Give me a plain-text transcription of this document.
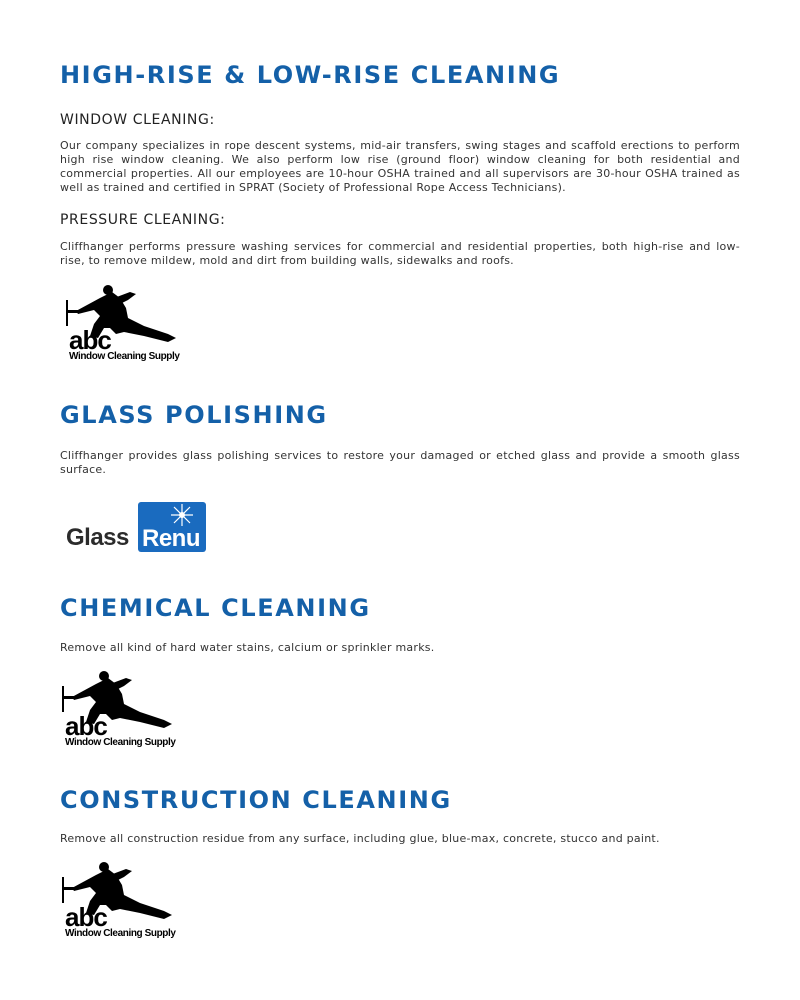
HIGH-RISE & LOW-RISE CLEANING
WINDOW CLEANING:

Our company specializes in rope descent systems, mid-air transfers, swing stages and scaffold erections to perform high rise window cleaning. We also perform low rise (ground floor) window cleaning for both residential and commercial properties. All our employees are 10-hour OSHA trained and all supervisors are 30-hour OSHA trained as well as trained and certified in SPRAT (Society of Professional Rope Access Technicians).

PRESSURE CLEANING:

Cliffhanger performs pressure washing services for commercial and residential properties, both high-rise and low-rise, to remove mildew, mold and dirt from building walls, sidewalks and roofs.

abc
Window Cleaning Supply
GLASS POLISHING

Cliffhanger provides glass polishing services to restore your damaged or etched glass and provide a smooth glass surface.

Glass Renu
CHEMICAL CLEANING

Remove all kind of hard water stains, calcium or sprinkler marks.

abc
Window Cleaning Supply
CONSTRUCTION CLEANING

Remove all construction residue from any surface, including glue, blue-max, concrete, stucco and paint.

abc
Window Cleaning Supply
